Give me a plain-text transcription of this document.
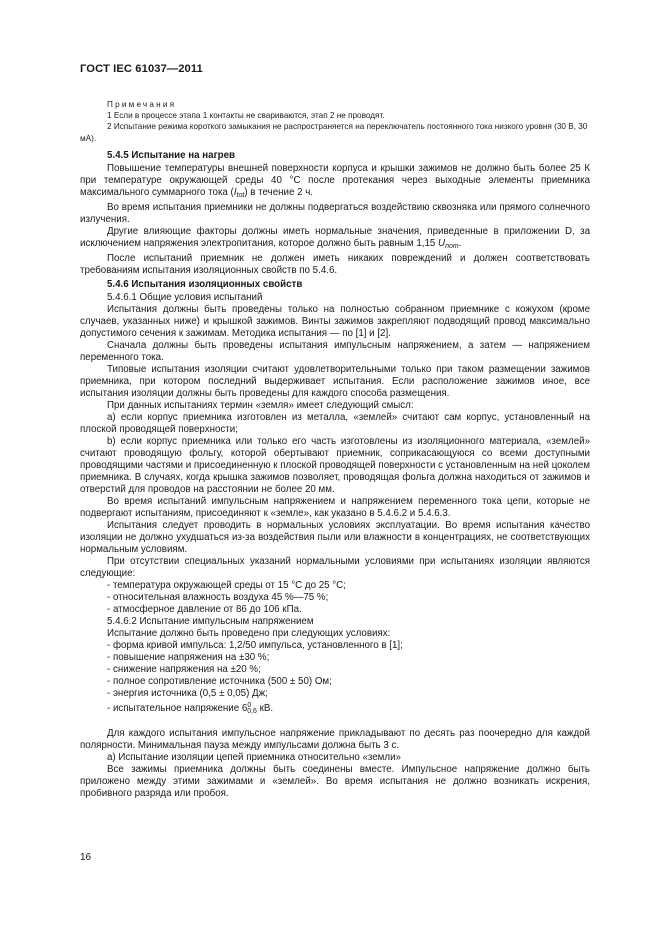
ГОСТ IEC 61037—2011
Примечания
1 Если в процессе этапа 1 контакты не свариваются, этап 2 не проводят.
2 Испытание режима короткого замыкания не распространяется на переключатель постоянного тока низкого уровня (30 В, 30 мА).

5.4.5 Испытание на нагрев

Повышение температуры внешней поверхности корпуса и крышки зажимов не должно быть более 25 К при температуре окружающей среды 40 °С после протекания через выходные элементы приемника максимального суммарного тока $(I_{tot})$ в течение 2 ч.

Во время испытания приемники не должны подвергаться воздействию сквозняка или прямого солнечного излучения.

Другие влияющие факторы должны иметь нормальные значения, приведенные в приложении D, за исключением напряжения электропитания, которое должно быть равным 1,15 $U_{nom}$.

После испытаний приемник не должен иметь никаких повреждений и должен соответствовать требованиям испытания изоляционных свойств по 5.4.6.

5.4.6 Испытания изоляционных свойств

5.4.6.1 Общие условия испытаний

Испытания должны быть проведены только на полностью собранном приемнике с кожухом (кроме случаев, указанных ниже) и крышкой зажимов. Винты зажимов закрепляют подводящий провод максимально допустимого сечения к зажимам. Методика испытания — по [1] и [2].

Сначала должны быть проведены испытания импульсным напряжением, а затем — напряжением переменного тока.

Типовые испытания изоляции считают удовлетворительными только при таком размещении зажимов приемника, при котором последний выдерживает испытания. Если расположение зажимов иное, все испытания изоляции должны быть проведены для каждого способа размещения.

При данных испытаниях термин «земля» имеет следующий смысл:

a) если корпус приемника изготовлен из металла, «землей» считают сам корпус, установленный на плоской проводящей поверхности;

b) если корпус приемника или только его часть изготовлены из изоляционного материала, «землей» считают проводящую фольгу, которой обертывают приемник, соприкасающуюся со всеми доступными проводящими частями и присоединенную к плоской проводящей поверхности с установленным на ней цоколем приемника. В случаях, когда крышка зажимов позволяет, проводящая фольга должна находиться от зажимов и отверстий для проводов на расстоянии не более 20 мм.

Во время испытаний импульсным напряжением и напряжением переменного тока цепи, которые не подвергают испытаниям, присоединяют к «земле», как указано в 5.4.6.2 и 5.4.6.3.

Испытания следует проводить в нормальных условиях эксплуатации. Во время испытания качество изоляции не должно ухудшаться из-за воздействия пыли или влажности в концентрациях, не соответствующих нормальным условиям.

При отсутствии специальных указаний нормальными условиями при испытаниях изоляции являются следующие:

- температура окружающей среды от 15 °С до 25 °С;

- относительная влажность воздуха 45 %—75 %;

- атмосферное давление от 86 до 106 кПа.

5.4.6.2 Испытание импульсным напряжением

Испытание должно быть проведено при следующих условиях:

- форма кривой импульса: 1,2/50 импульса, установленного в [1];

- повышение напряжения на ±30 %;

- снижение напряжения на ±20 %;

- полное сопротивление источника (500 ± 50) Ом;

- энергия источника (0,5 ± 0,05) Дж;

- испытательное напряжение $6^0_{0,6}$ кВ.

Для каждого испытания импульсное напряжение прикладывают по десять раз поочередно для каждой полярности. Минимальная пауза между импульсами должна быть 3 с.

a) Испытание изоляции цепей приемника относительно «земли»

Все зажимы приемника должны быть соединены вместе. Импульсное напряжение должно быть приложено между этими зажимами и «землей». Во время испытания не должно возникать искрения, пробивного разряда или пробоя.

16
